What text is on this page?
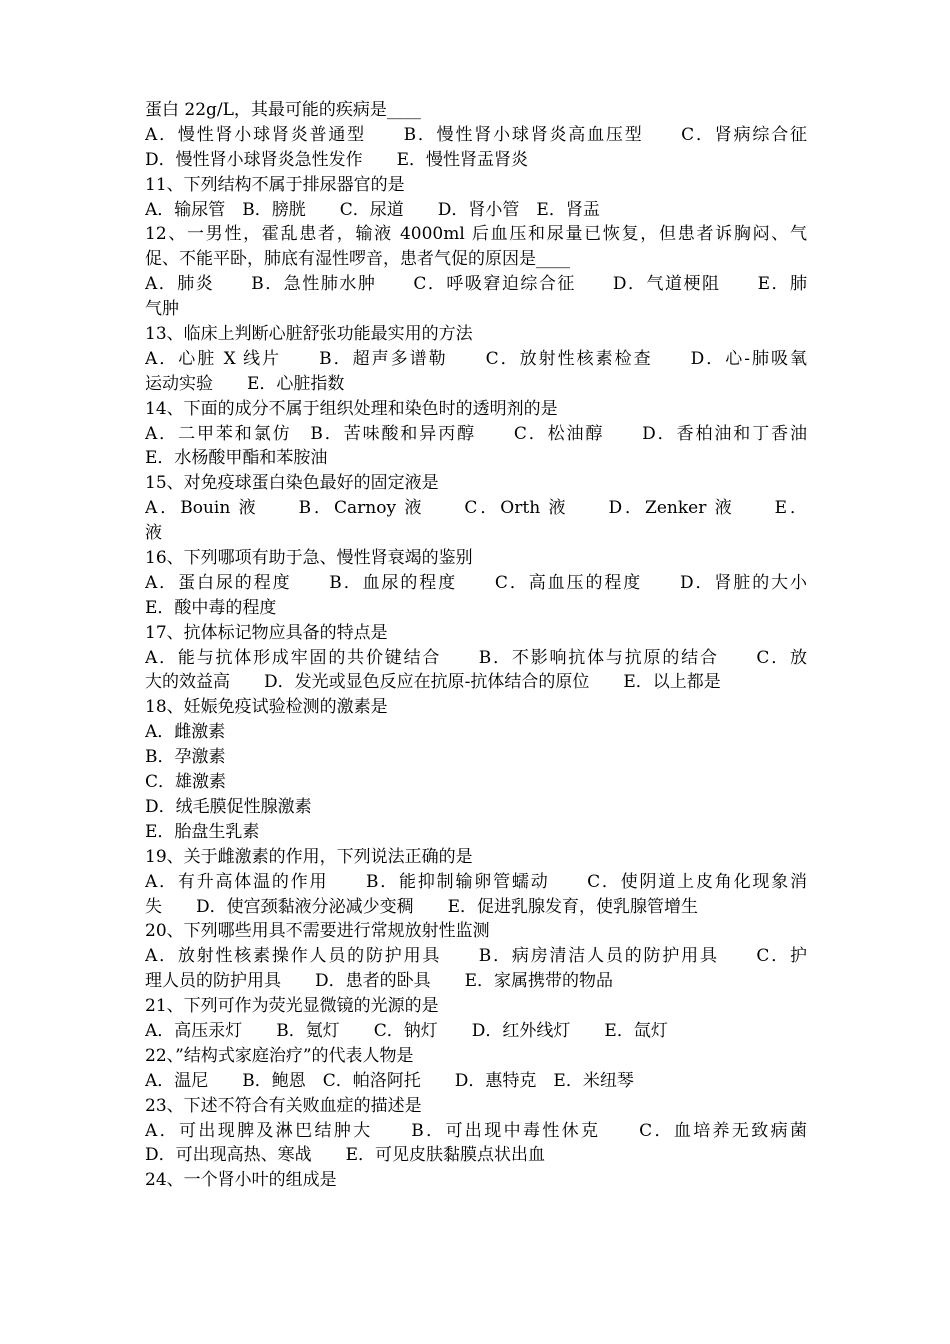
蛋白 22g/L，其最可能的疾病是____
A．慢性肾小球肾炎普通型　　B．慢性肾小球肾炎高血压型　　C．肾病综合征
D．慢性肾小球肾炎急性发作　　E．慢性肾盂肾炎
11、下列结构不属于排尿器官的是
A．输尿管　B．膀胱　　C．尿道　　D．肾小管　E．肾盂
12、一男性，霍乱患者，输液 4000ml 后血压和尿量已恢复，但患者诉胸闷、气
促、不能平卧，肺底有湿性啰音，患者气促的原因是____
A．肺炎　　B．急性肺水肿　　C．呼吸窘迫综合征　　D．气道梗阻　　E．肺
气肿
13、临床上判断心脏舒张功能最实用的方法
A．心脏 X 线片　　B．超声多谱勒　　C．放射性核素检查　　D．心-肺吸氧
运动实验　　E．心脏指数
14、下面的成分不属于组织处理和染色时的透明剂的是
A．二甲苯和氯仿　B．苦味酸和异丙醇　　C．松油醇　　D．香柏油和丁香油
E．水杨酸甲酯和苯胺油
15、对免疫球蛋白染色最好的固定液是
A．Bouin 液　　B．Carnoy 液　　C．Orth 液　　D．Zenker 液　　E．
液
16、下列哪项有助于急、慢性肾衰竭的鉴别
A．蛋白尿的程度　　B．血尿的程度　　C．高血压的程度　　D．肾脏的大小
E．酸中毒的程度
17、抗体标记物应具备的特点是
A．能与抗体形成牢固的共价键结合　　B．不影响抗体与抗原的结合　　C．放
大的效益高　　D．发光或显色反应在抗原-抗体结合的原位　　E．以上都是
18、妊娠免疫试验检测的激素是
A．雌激素
B．孕激素
C．雄激素
D．绒毛膜促性腺激素
E．胎盘生乳素
19、关于雌激素的作用，下列说法正确的是
A．有升高体温的作用　　B．能抑制输卵管蠕动　　C．使阴道上皮角化现象消
失　　D．使宫颈黏液分泌减少变稠　　E．促进乳腺发育，使乳腺管增生
20、下列哪些用具不需要进行常规放射性监测
A．放射性核素操作人员的防护用具　　B．病房清洁人员的防护用具　　C．护
理人员的防护用具　　D．患者的卧具　　E．家属携带的物品
21、下列可作为荧光显微镜的光源的是
A．高压汞灯　　B．氪灯　　C．钠灯　　D．红外线灯　　E．氙灯
22、”结构式家庭治疗”的代表人物是
A．温尼　　B．鲍恩　C．帕洛阿托　　D．惠特克　E．米纽琴
23、下述不符合有关败血症的描述是
A．可出现脾及淋巴结肿大　　B．可出现中毒性休克　　C．血培养无致病菌
D．可出现高热、寒战　　E．可见皮肤黏膜点状出血
24、一个肾小叶的组成是
